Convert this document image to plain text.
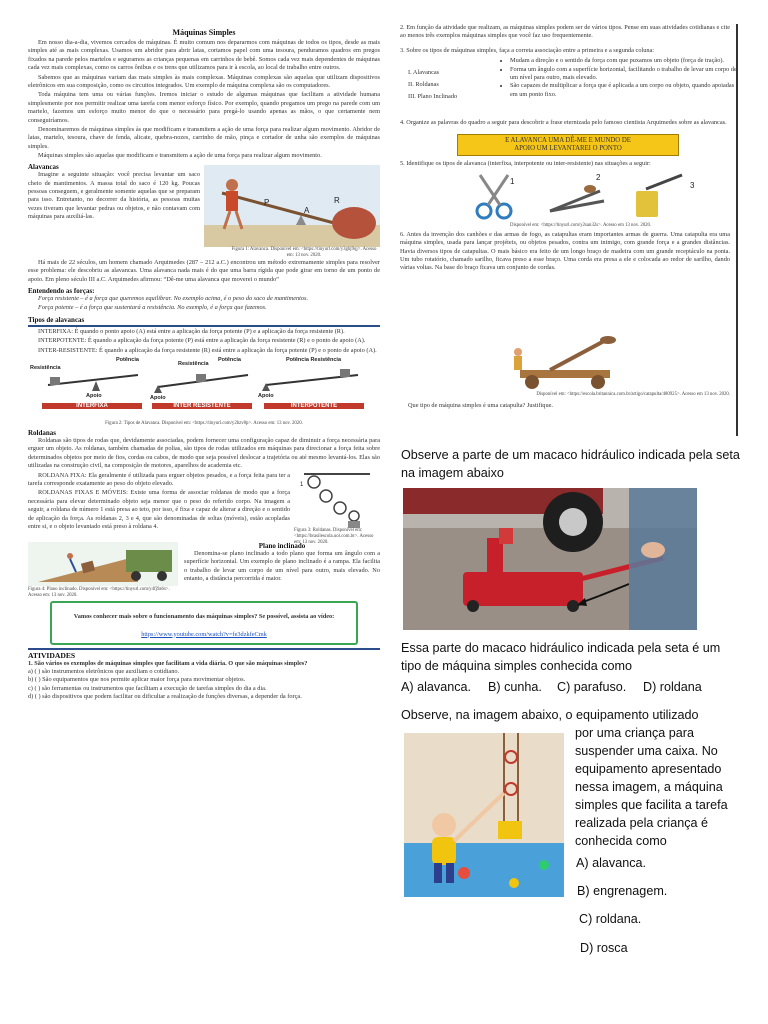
Máquinas Simples

Em nosso dia-a-dia, vivemos cercados de máquinas. É muito comum nos depararmos com máquinas de todos os tipos, desde as mais simples até as mais complexas. Usamos um abridor para abrir latas, cortamos papel com uma tesoura, penduramos quadros em pregos fixados na parede pelos martelos e seguramos as crianças pequenas em carrinhos de bebê. Somos cada vez mais dependentes de máquinas cada vez mais complexas, como os carros ônibus e os trens que utilizamos para ir à escola, ao local de trabalho entre outros.

Sabemos que as máquinas variam das mais simples às mais complexas. Máquinas complexas são aquelas que utilizam dispositivos eletrônicos em sua composição, como os circuitos integrados. Um exemplo de máquina complexa são os computadores.

Toda máquina tem uma ou várias funções. Iremos iniciar o estudo de algumas máquinas que facilitam a atividade humana simplesmente por nos permitir realizar uma tarefa com menor esforço físico. Por exemplo, quando pregamos um prego na parede com um martelo, fazemos um esforço muito menor do que o necessário para pregá-lo usando apenas as mãos, o que certamente nem conseguiríamos.

Denominaremos de máquinas simples às que modificam e transmitem a ação de uma força para realizar algum movimento. Abridor de latas, martelo, tesoura, chave de fenda, alicate, quebra-nozes, carrinho de mão, pinça e cortador de unha são exemplos de máquinas simples.

Máquinas simples são aquelas que modificam e transmitem a ação de uma força para realizar algum movimento.

Alavancas

Imagine a seguinte situação: você precisa levantar um saco cheio de mantimentos. A massa total do saco é 120 kg. Poucas pessoas conseguem, e geralmente somente aquelas que se preparam para isso. Entretanto, no decorrer da história, as pessoas muitas vezes tiveram que levantar pedras ou objetos, e não contavam com máquinas para auxiliá-las.

P
A
R
Figura 1: Alavanca. Disponível em: <https://tinyurl.com/y3gbj9qj>. Acesso em: 13 nov. 2020.

Há mais de 22 séculos, um homem chamado Arquimedes (287 – 212 a.C.) encontrou um método extremamente simples para resolver esse problema: ele descobriu as alavancas. Uma alavanca nada mais é do que uma barra rígida que pode girar em torno de um ponto de apoio. Em pleno século III a.C. Arquimedes afirmou: “Dê-me uma alavanca que moverei o mundo”

Entendendo as forças:

Força resistente – é a força que queremos equilibrar. No exemplo acima, é o peso do saco de mantimentos.

Força potente – é a força que sustentará a resistência. No exemplo, é a força que fazemos.

Tipos de alavancas

INTERFIXA: É quando o ponto apoio (A) está entre a aplicação da força potente (P) e a aplicação da força resistente (R).

INTERPOTENTE: É quando a aplicação da força potente (P) está entre a aplicação da força resistente (R) e o ponto de apoio (A).

INTER-RESISTENTE: É quando a aplicação da força resistente (R) está entre a aplicação da força potente (P) e o ponto de apoio (A).

Potência
Resistência
Apoio
Resistência
Potência
Apoio
Potência Resistência
Apoio
INTERFIXA	INTER RESISTENTE	INTERPOTENTE
Figura 2: Tipos de Alavanca. Disponível em: <https://tinyurl.com/y2bzv8p>. Acesso em: 13 nov. 2020.
Roldanas

Roldanas são tipos de rodas que, devidamente associadas, podem fornecer uma configuração capaz de diminuir a força necessária para erguer um objeto. As roldanas, também chamadas de polias, são tipos de rodas utilizados em máquinas para direcionar a força feita sobre determinados objetos por meio de fios, cordas ou cabos, de modo que seja possível deslocar a trajetória ou até mesmo levantá-los. Elas são utilizadas na construção civil, na composição de motores, aparelhos de academia etc.

ROLDANA FIXA: Ela geralmente é utilizada para erguer objetos pesados, e a força feita para ter a tarefa corresponde exatamente ao peso do objeto elevado.

ROLDANAS FIXAS E MÓVEIS: Existe uma forma de associar roldanas de modo que a força necessária para elevar determinado objeto seja menor que o peso do referido corpo. Na imagem a seguir, a roldana de número 1 está presa ao teto, por isso, é fixa e capaz de alterar a direção e o sentido de aplicação da força. As roldanas 2, 3 e 4, que são denominadas de soltas (móveis), estão acopladas entre si, e o objeto levantado está preso à roldana 4.

1
Figura 3: Roldanas. Disponível em: <https://brasilescola.uol.com.br>. Acesso em: 13 nov. 2020.
Figura 4: Plano inclinado. Disponível em: <https://tinyurl.com/y4fj9a6s>. Acesso em: 13 nov. 2020.
Plano inclinado

Denomina-se plano inclinado a todo plano que forma um ângulo com a superfície horizontal. Um exemplo de plano inclinado é a rampa. Ela facilita o trabalho de levar um corpo de um nível para outro, mais elevado. No entanto, a distância percorrida é maior.

Vamos conhecer mais sobre o funcionamento das máquinas simples? Se possível, assista ao vídeo: https://www.youtube.com/watch?v=fe3dzkfeCmk
ATIVIDADES
1. São vários os exemplos de máquinas simples que facilitam a vida diária. O que são máquinas simples?
a) ( ) são instrumentos eletrônicos que auxiliam o cotidiano.
b) ( ) São equipamentos que nos permite aplicar maior força para movimentar objetos.
c) ( ) são ferramentas ou instrumentos que facilitam a execução de tarefas simples do dia a dia.
d) ( ) são dispositivos que podem facilitar ou dificultar a realização de funções diversas, a depender da força.

2. Em função da atividade que realizam, as máquinas simples podem ser de vários tipos. Pense em suas atividades cotidianas e cite ao menos três exemplos máquinas simples que você faz uso frequentemente.

3. Sobre os tipos de máquinas simples, faça a correta associação entre a primeira e a segunda coluna:

I. Alavancas
II. Roldanas
III. Plano Inclinado
• Mudam a direção e o sentido da força com que puxamos um objeto (força de tração).
• Forma um ângulo com a superfície horizontal, facilitando o trabalho de levar um corpo de um nível para outro, mais elevado.
• São capazes de multiplicar a força que é aplicada a um corpo ou objeto, quando apoiadas em um ponto fixo.

4. Organize as palavras do quadro a seguir para descobrir a frase eternizada pelo famoso cientista Arquimedes sobre as alavancas.

E ALAVANCA UMA DÊ-ME E MUNDO DE
APOIO UM LEVANTAREI O PONTO

5. Identifique os tipos de alavanca (interfixa, interpotente ou inter-resistente) nas situações a seguir:

1	2
3
Disponível em: <https://tinyurl.com/y2san32s>. Acesso em 13 nov. 2020.

6. Antes da invenção dos canhões e das armas de fogo, as catapultas eram importantes armas de guerra. Uma catapulta era uma máquina simples, usada para lançar projéteis, ou objetos pesados, contra um inimigo, com grande força e a grandes distâncias. Havia diversos tipos de catapultas. O mais básico era feito de um longo braço de madeira com um grande receptáculo na ponta. Um tubo rotatório, chamado sarilho, ficava preso a esse braço. Uma corda era presa a ele e colocada ao redor de sarilho, dando várias voltas. Na base do braço ficava um conjunto de cordas.

Disponível em: <https://escola.britannica.com.br/artigo/catapulta/480925>. Acesso em 13 nov. 2020.
Que tipo de máquina simples é uma catapulta? Justifique.
Observe a parte de um macaco hidráulico indicada pela seta na imagem abaixo
Essa parte do macaco hidráulico indicada pela seta é um tipo de máquina simples conhecida como
A) alavanca. B) cunha. C) parafuso. D) roldana
Observe, na imagem abaixo, o equipamento utilizado
por uma criança para suspender uma caixa. No equipamento apresentado nessa imagem, a máquina simples que facilita a tarefa realizada pela criança é conhecida como
A) alavanca.
B) engrenagem.
C) roldana.
D) rosca
